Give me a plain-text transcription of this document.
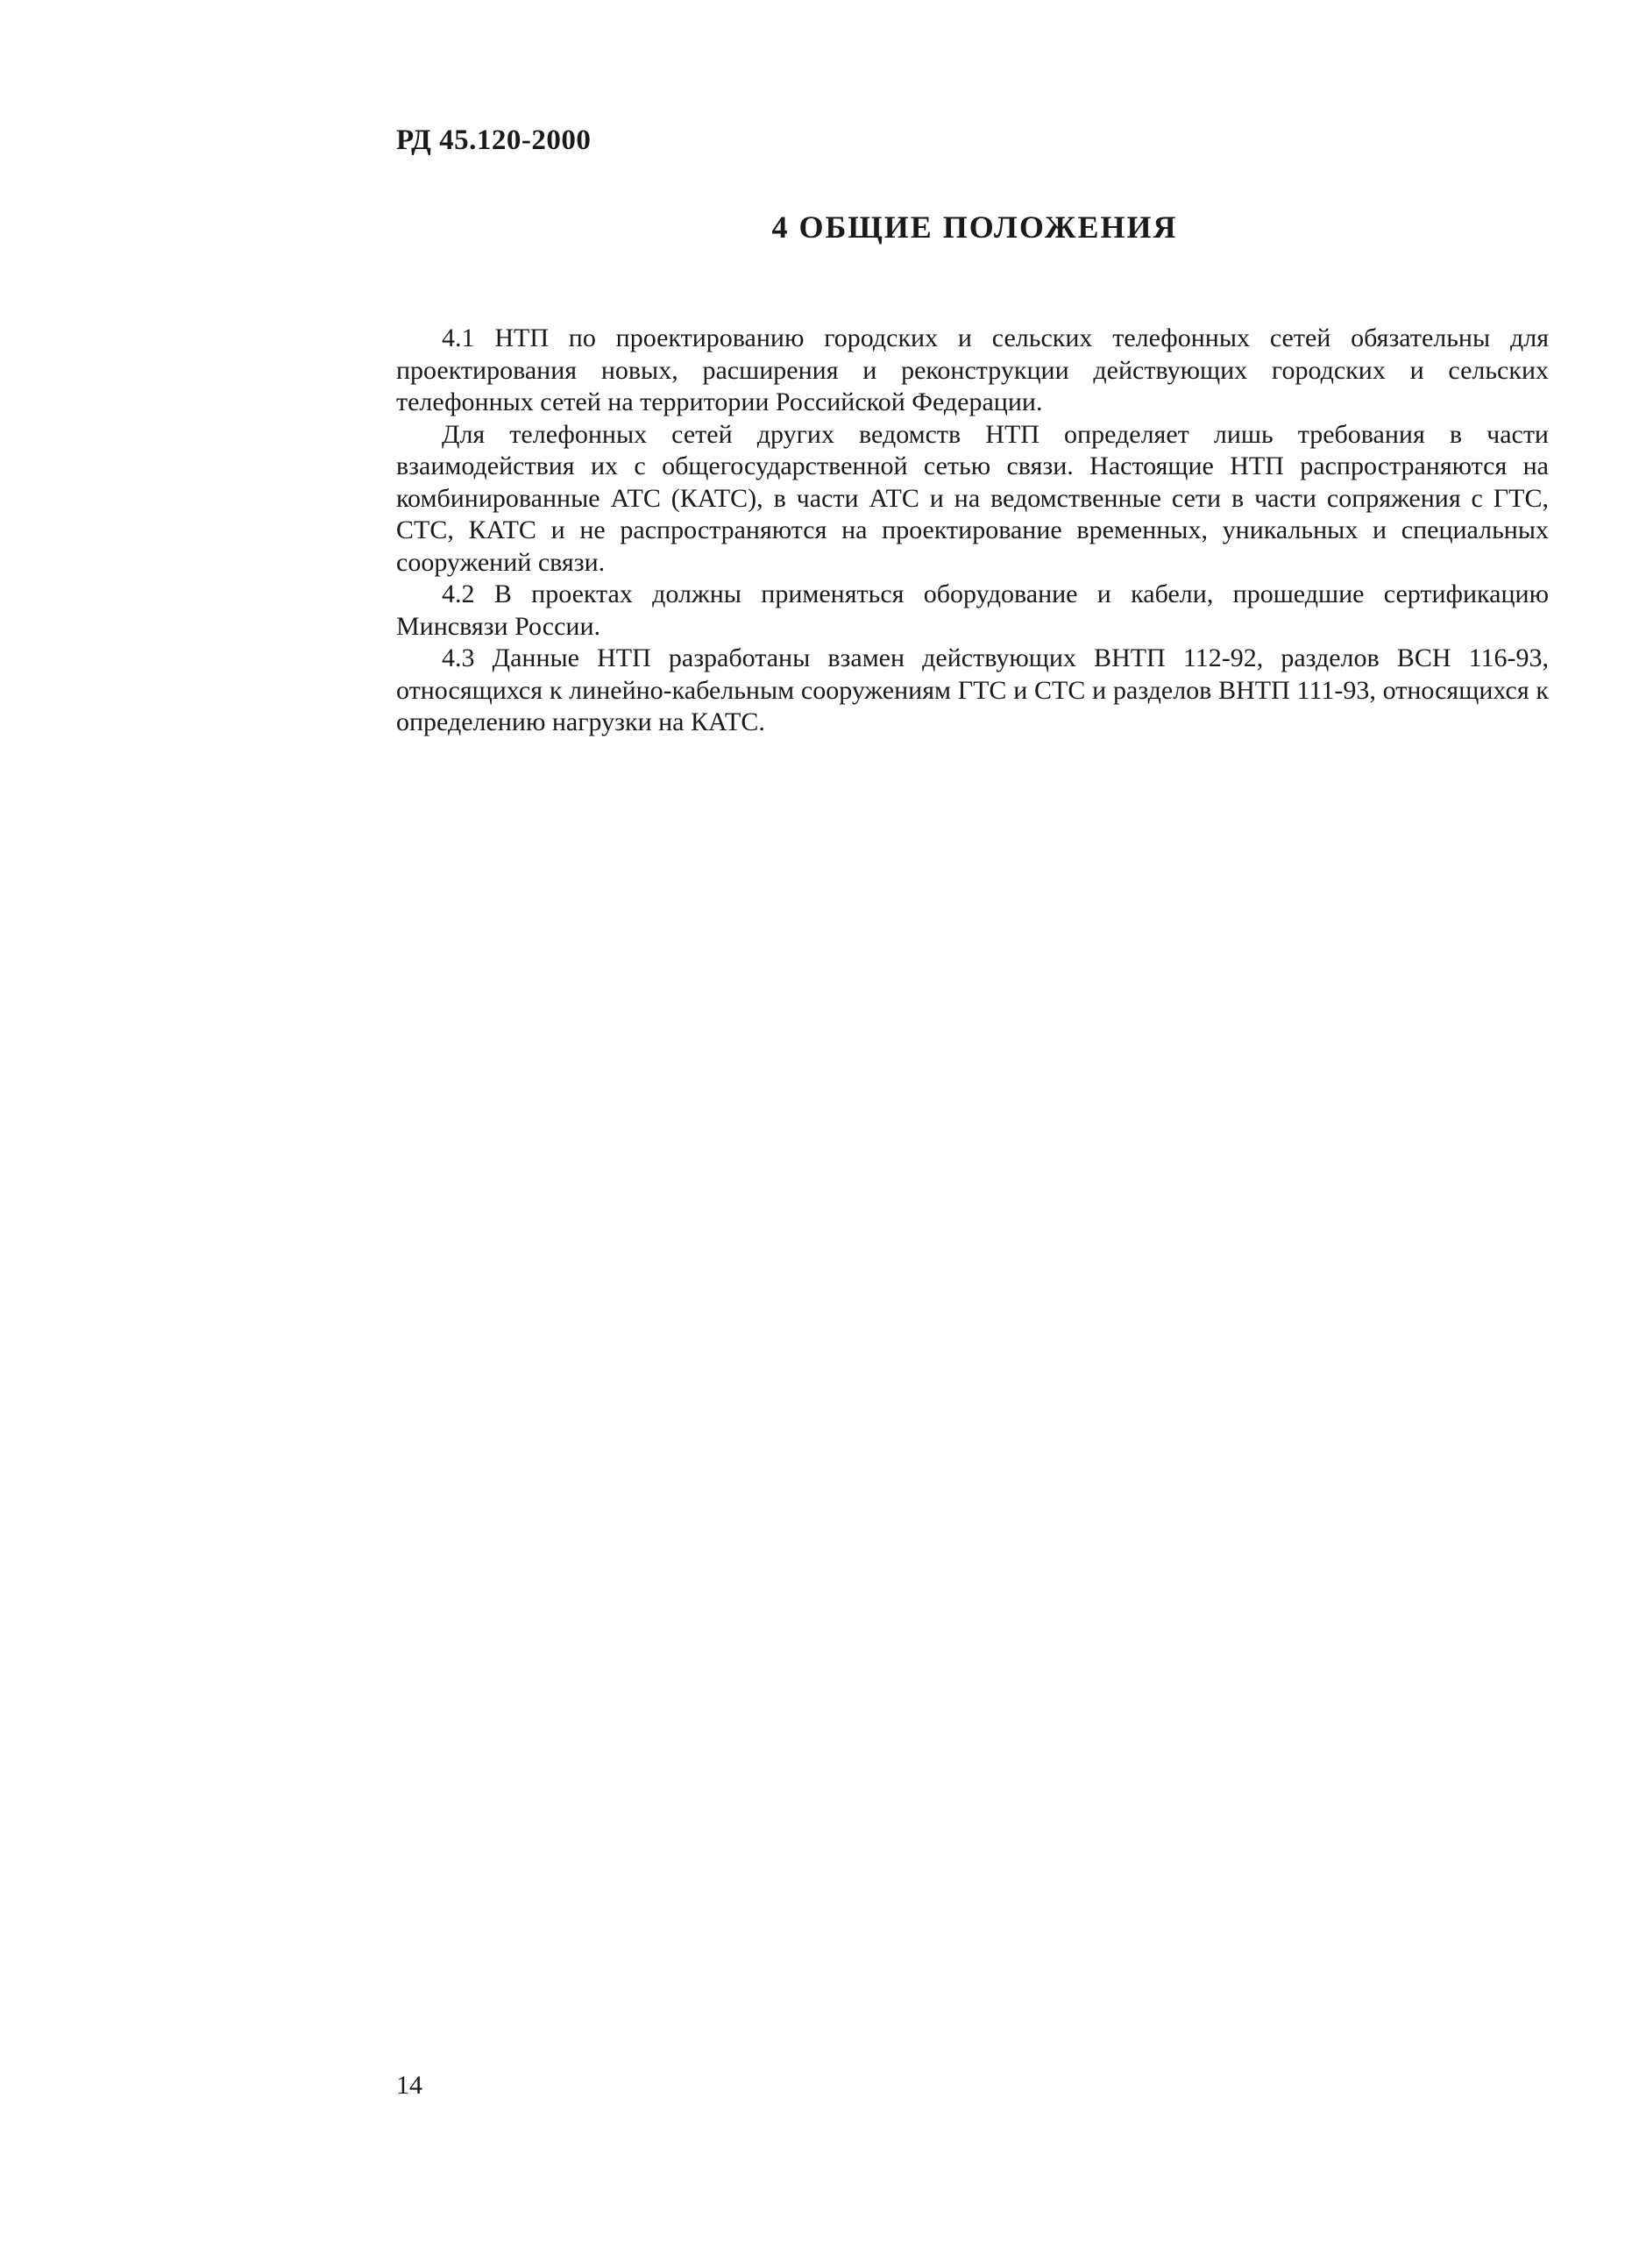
РД 45.120-2000
4 ОБЩИЕ ПОЛОЖЕНИЯ

4.1 НТП по проектированию городских и сельских телефонных сетей обязательны для проектирования новых, расширения и реконструкции действующих городских и сельских телефонных сетей на территории Российской Федерации.

Для телефонных сетей других ведомств НТП определяет лишь требования в части взаимодействия их с общегосударственной сетью связи. Настоящие НТП распространяются на комбинированные АТС (КАТС), в части АТС и на ведомственные сети в части сопряжения с ГТС, СТС, КАТС и не распространяются на проектирование временных, уникальных и специальных сооружений связи.

4.2 В проектах должны применяться оборудование и кабели, прошедшие сертификацию Минсвязи России.

4.3 Данные НТП разработаны взамен действующих ВНТП 112-92, разделов ВСН 116-93, относящихся к линейно-кабельным сооружениям ГТС и СТС и разделов ВНТП 111-93, относящихся к определению нагрузки на КАТС.

14
